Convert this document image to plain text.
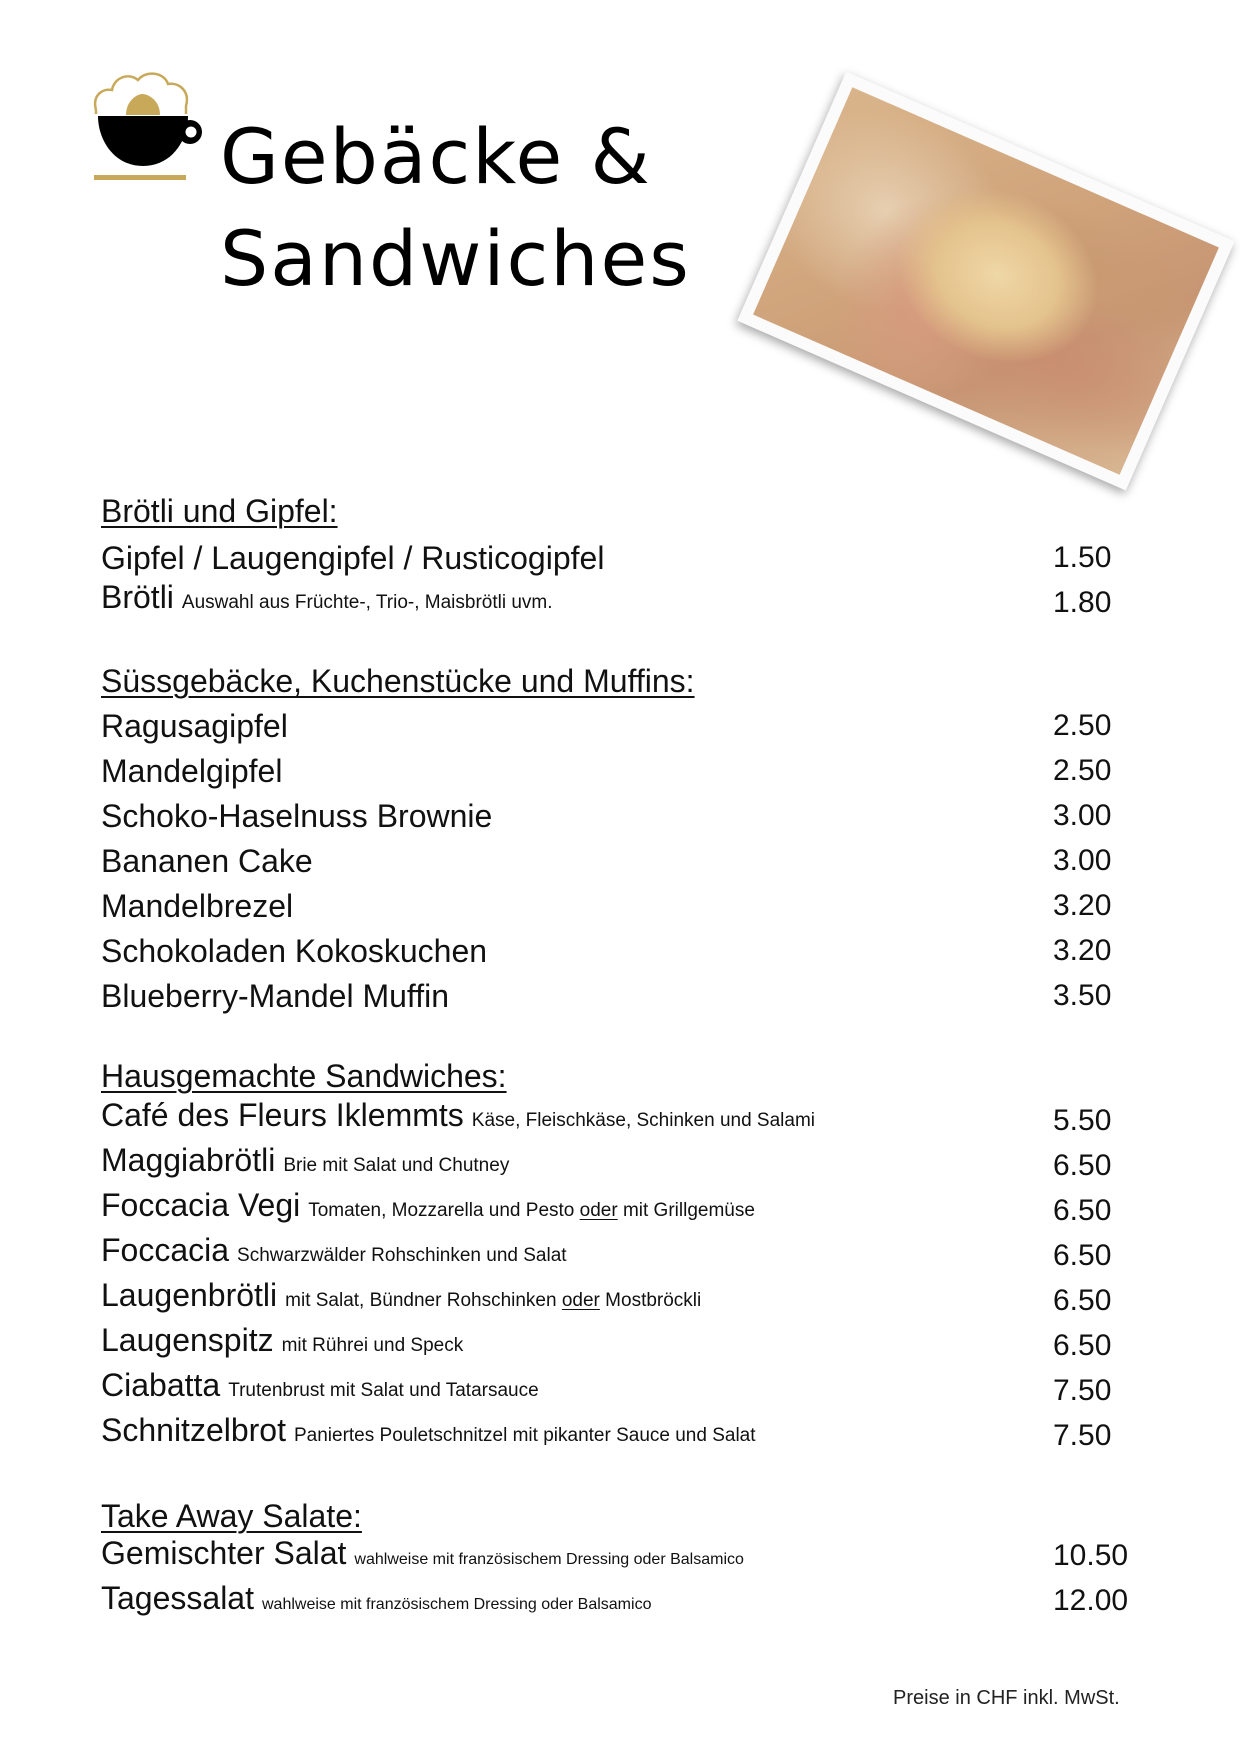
Gebäcke &
Sandwiches
Brötli und Gipfel:
Gipfel / Laugengipfel / Rusticogipfel	1.50
Brötli Auswahl aus Früchte-, Trio-, Maisbrötli uvm.	1.80
Süssgebäcke, Kuchenstücke und Muffins:
Ragusagipfel	2.50
Mandelgipfel	2.50
Schoko-Haselnuss Brownie	3.00
Bananen Cake	3.00
Mandelbrezel	3.20
Schokoladen Kokoskuchen	3.20
Blueberry-Mandel Muffin	3.50
Hausgemachte Sandwiches:
Café des Fleurs Iklemmts Käse, Fleischkäse, Schinken und Salami	5.50
Maggiabrötli Brie mit Salat und Chutney	6.50
Foccacia Vegi Tomaten, Mozzarella und Pesto oder mit Grillgemüse	6.50
Foccacia Schwarzwälder Rohschinken und Salat	6.50
Laugenbrötli mit Salat, Bündner Rohschinken oder Mostbröckli	6.50
Laugenspitz mit Rührei und Speck	6.50
Ciabatta Trutenbrust mit Salat und Tatarsauce	7.50
Schnitzelbrot Paniertes Pouletschnitzel mit pikanter Sauce und Salat	7.50
Take Away Salate:
Gemischter Salat wahlweise mit französischem Dressing oder Balsamico	10.50
Tagessalat wahlweise mit französischem Dressing oder Balsamico	12.00
Preise in CHF inkl. MwSt.
